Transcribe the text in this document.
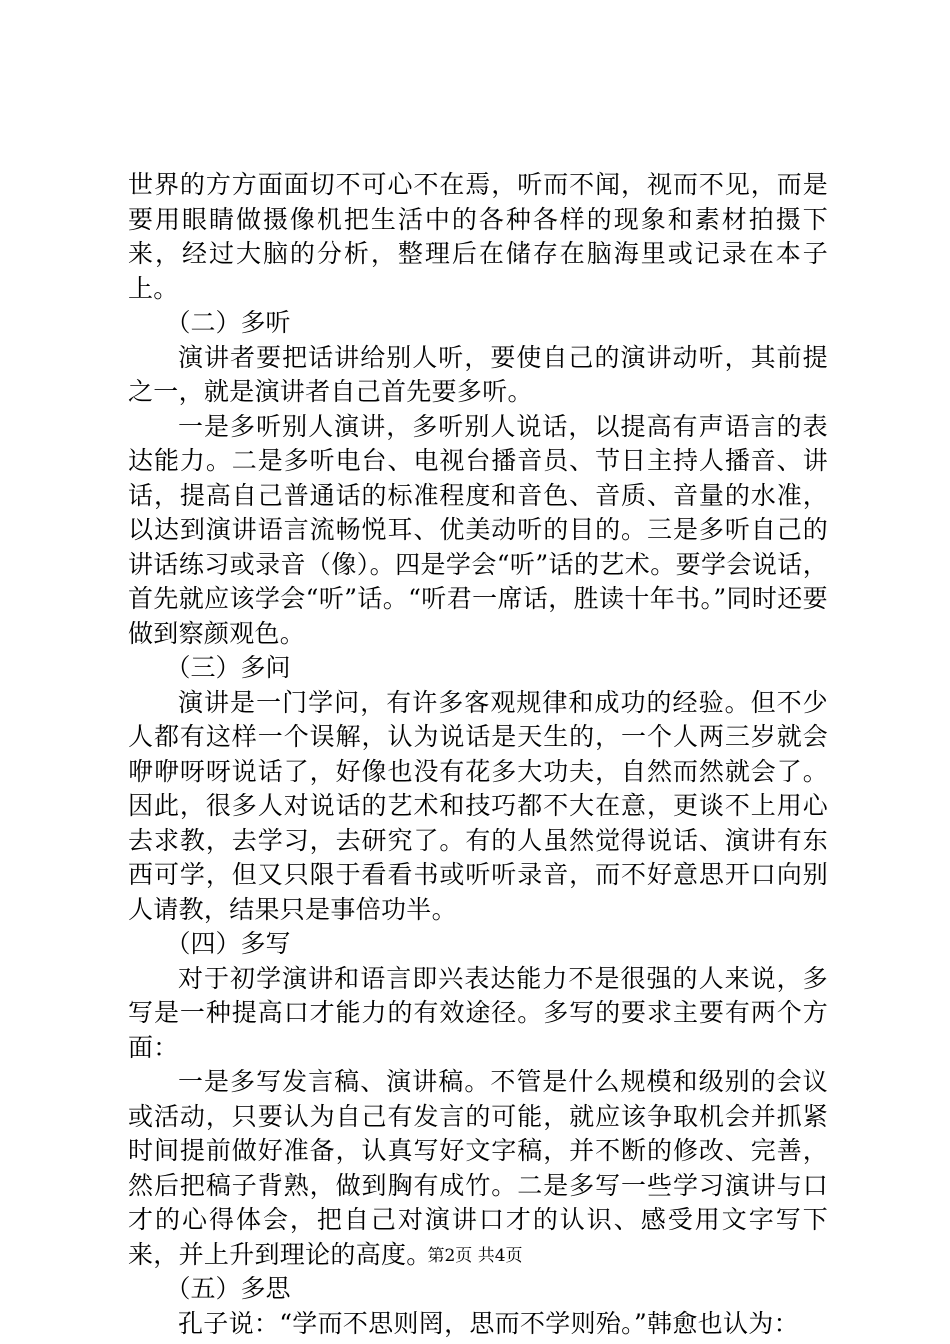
世界的方方面面切不可心不在焉，听而不闻，视而不见，而是要用眼睛做摄像机把生活中的各种各样的现象和素材拍摄下来，经过大脑的分析，整理后在储存在脑海里或记录在本子上。

（二）多听

演讲者要把话讲给别人听，要使自己的演讲动听，其前提之一，就是演讲者自己首先要多听。

一是多听别人演讲，多听别人说话，以提高有声语言的表达能力。二是多听电台、电视台播音员、节日主持人播音、讲话，提高自己普通话的标准程度和音色、音质、音量的水准，以达到演讲语言流畅悦耳、优美动听的目的。三是多听自己的讲话练习或录音（像）。四是学会“听”话的艺术。要学会说话，首先就应该学会“听”话。“听君一席话，胜读十年书。”同时还要做到察颜观色。

（三）多问

演讲是一门学问，有许多客观规律和成功的经验。但不少人都有这样一个误解，认为说话是天生的，一个人两三岁就会咿咿呀呀说话了，好像也没有花多大功夫，自然而然就会了。因此，很多人对说话的艺术和技巧都不大在意，更谈不上用心去求教，去学习，去研究了。有的人虽然觉得说话、演讲有东西可学，但又只限于看看书或听听录音，而不好意思开口向别人请教，结果只是事倍功半。

（四）多写

对于初学演讲和语言即兴表达能力不是很强的人来说，多写是一种提高口才能力的有效途径。多写的要求主要有两个方面：

一是多写发言稿、演讲稿。不管是什么规模和级别的会议或活动，只要认为自己有发言的可能，就应该争取机会并抓紧时间提前做好准备，认真写好文字稿，并不断的修改、完善，然后把稿子背熟，做到胸有成竹。二是多写一些学习演讲与口才的心得体会，把自己对演讲口才的认识、感受用文字写下来，并上升到理论的高度。

（五）多思

孔子说：“学而不思则罔，思而不学则殆。”韩愈也认为：

第2页 共4页
